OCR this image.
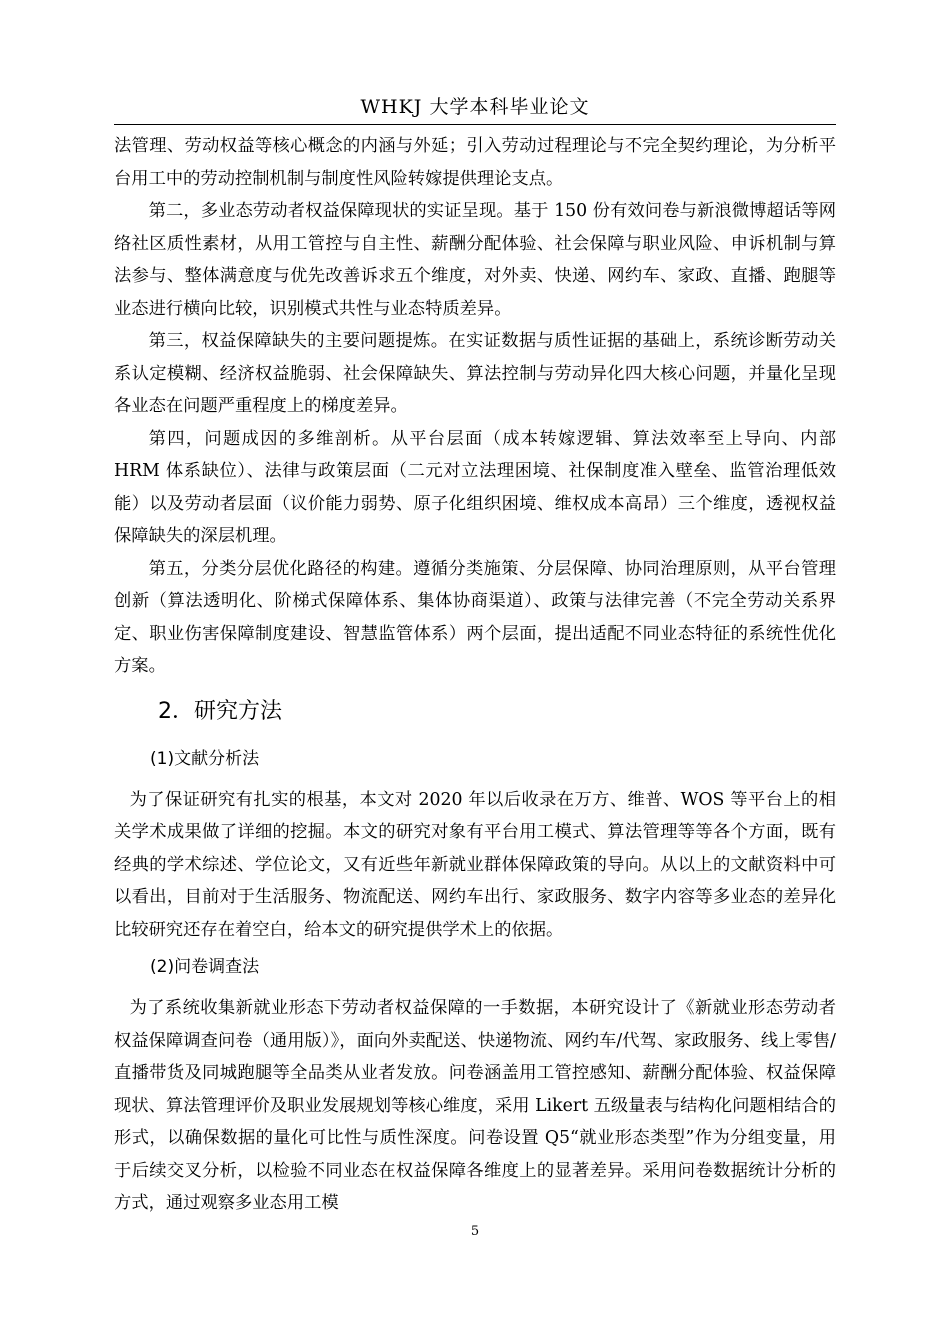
WHKJ 大学本科毕业论文

法管理、劳动权益等核心概念的内涵与外延；引入劳动过程理论与不完全契约理论，为分析平台用工中的劳动控制机制与制度性风险转嫁提供理论支点。

第二，多业态劳动者权益保障现状的实证呈现。基于 150 份有效问卷与新浪微博超话等网络社区质性素材，从用工管控与自主性、薪酬分配体验、社会保障与职业风险、申诉机制与算法参与、整体满意度与优先改善诉求五个维度，对外卖、快递、网约车、家政、直播、跑腿等业态进行横向比较，识别模式共性与业态特质差异。

第三，权益保障缺失的主要问题提炼。在实证数据与质性证据的基础上，系统诊断劳动关系认定模糊、经济权益脆弱、社会保障缺失、算法控制与劳动异化四大核心问题，并量化呈现各业态在问题严重程度上的梯度差异。

第四，问题成因的多维剖析。从平台层面（成本转嫁逻辑、算法效率至上导向、内部 HRM 体系缺位）、法律与政策层面（二元对立法理困境、社保制度准入壁垒、监管治理低效能）以及劳动者层面（议价能力弱势、原子化组织困境、维权成本高昂）三个维度，透视权益保障缺失的深层机理。

第五，分类分层优化路径的构建。遵循分类施策、分层保障、协同治理原则，从平台管理创新（算法透明化、阶梯式保障体系、集体协商渠道）、政策与法律完善（不完全劳动关系界定、职业伤害保障制度建设、智慧监管体系）两个层面，提出适配不同业态特征的系统性优化方案。

2．研究方法
(1)文献分析法

为了保证研究有扎实的根基，本文对 2020 年以后收录在万方、维普、WOS 等平台上的相关学术成果做了详细的挖掘。本文的研究对象有平台用工模式、算法管理等等各个方面，既有经典的学术综述、学位论文，又有近些年新就业群体保障政策的导向。从以上的文献资料中可以看出，目前对于生活服务、物流配送、网约车出行、家政服务、数字内容等多业态的差异化比较研究还存在着空白，给本文的研究提供学术上的依据。

(2)问卷调查法

为了系统收集新就业形态下劳动者权益保障的一手数据，本研究设计了《新就业形态劳动者权益保障调查问卷（通用版）》，面向外卖配送、快递物流、网约车/代驾、家政服务、线上零售/直播带货及同城跑腿等全品类从业者发放。问卷涵盖用工管控感知、薪酬分配体验、权益保障现状、算法管理评价及职业发展规划等核心维度，采用 Likert 五级量表与结构化问题相结合的形式，以确保数据的量化可比性与质性深度。问卷设置 Q5“就业形态类型”作为分组变量，用于后续交叉分析，以检验不同业态在权益保障各维度上的显著差异。采用问卷数据统计分析的方式，通过观察多业态用工模

5
